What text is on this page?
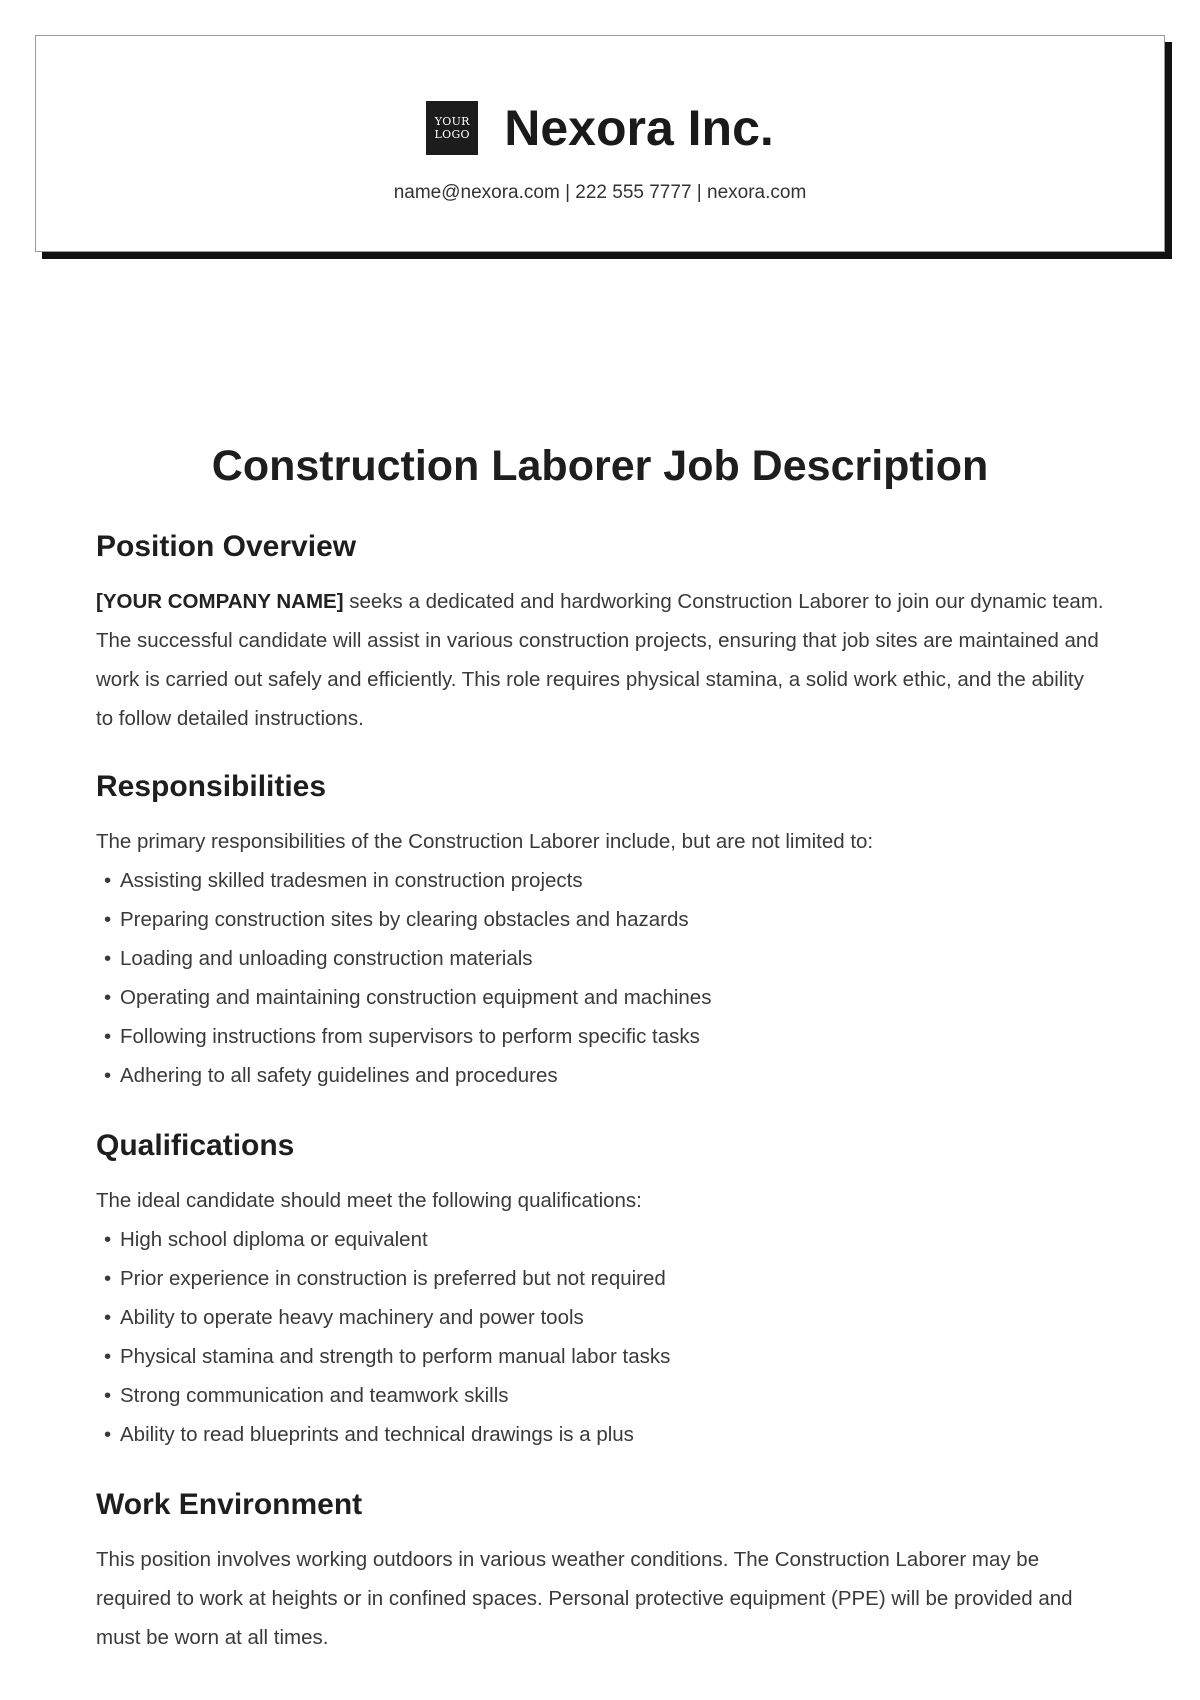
YOUR
LOGO Nexora Inc.
name@nexora.com | 222 555 7777 | nexora.com
Construction Laborer Job Description
Position Overview

[YOUR COMPANY NAME] seeks a dedicated and hardworking Construction Laborer to join our dynamic team. The successful candidate will assist in various construction projects, ensuring that job sites are maintained and work is carried out safely and efficiently. This role requires physical stamina, a solid work ethic, and the ability to follow detailed instructions.

Responsibilities

The primary responsibilities of the Construction Laborer include, but are not limited to:

• Assisting skilled tradesmen in construction projects
• Preparing construction sites by clearing obstacles and hazards
• Loading and unloading construction materials
• Operating and maintaining construction equipment and machines
• Following instructions from supervisors to perform specific tasks
• Adhering to all safety guidelines and procedures
Qualifications

The ideal candidate should meet the following qualifications:

• High school diploma or equivalent
• Prior experience in construction is preferred but not required
• Ability to operate heavy machinery and power tools
• Physical stamina and strength to perform manual labor tasks
• Strong communication and teamwork skills
• Ability to read blueprints and technical drawings is a plus
Work Environment

This position involves working outdoors in various weather conditions. The Construction Laborer may be required to work at heights or in confined spaces. Personal protective equipment (PPE) will be provided and must be worn at all times.
